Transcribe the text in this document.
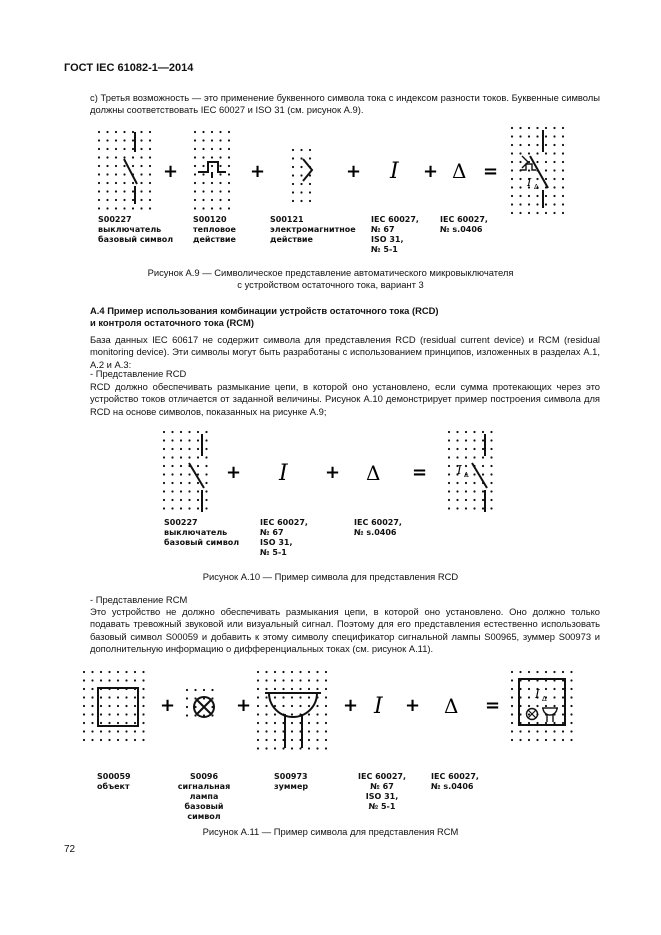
ГОСТ IEC 61082-1—2014
с) Третья возможность — это применение буквенного символа тока с индексом разности токов. Буквенные символы должны соответствовать IEC 60027 и ISO 31 (см. рисунок A.9).
+	+	+ I + Δ =
I Δ
S00227
выключатель
базовый символ
S00120
тепловое
действие
S00121
электромагнитное
действие
IEC 60027,
№ 67
ISO 31,
№ 5-1
IEC 60027,
№ s.0406
Рисунок A.9 — Символическое представление автоматического микровыключателя
с устройством остаточного тока, вариант 3
A.4 Пример использования комбинации устройств остаточного тока (RCD)
и контроля остаточного тока (RCM)
База данных IEC 60617 не содержит символа для представления RCD (residual current device) и RCM (residual monitoring device). Эти символы могут быть разработаны с использованием принципов, изложенных в разделах A.1, A.2 и A.3:
- Представление RCD
RCD должно обеспечивать размыкание цепи, в которой оно установлено, если сумма протекающих через это устройство токов отличается от заданной величины. Рисунок A.10 демонстрирует пример построения символа для RCD на основе символов, показанных на рисунке A.9;
+ I + Δ = I Δ
S00227
выключатель
базовый символ
IEC 60027,
№ 67
ISO 31,
№ 5-1
IEC 60027,
№ s.0406
Рисунок A.10 — Пример символа для представления RCD
- Представление RCM
Это устройство не должно обеспечивать размыкания цепи, в которой оно установлено. Оно должно только подавать тревожный звуковой или визуальный сигнал. Поэтому для его представления естественно использовать базовый символ S00059 и добавить к этому символу спецификатор сигнальной лампы S00965, зуммер S00973 и дополнительную информацию о дифференциальных токах (см. рисунок A.11).
+	+	+ I + Δ =
I Δ
S00059
объект
S0096
сигнальная
лампа
базовый символ
S00973
зуммер
IEC 60027,
№ 67
ISO 31,
№ 5-1
IEC 60027,
№ s.0406
Рисунок A.11 — Пример символа для представления RCM
72
